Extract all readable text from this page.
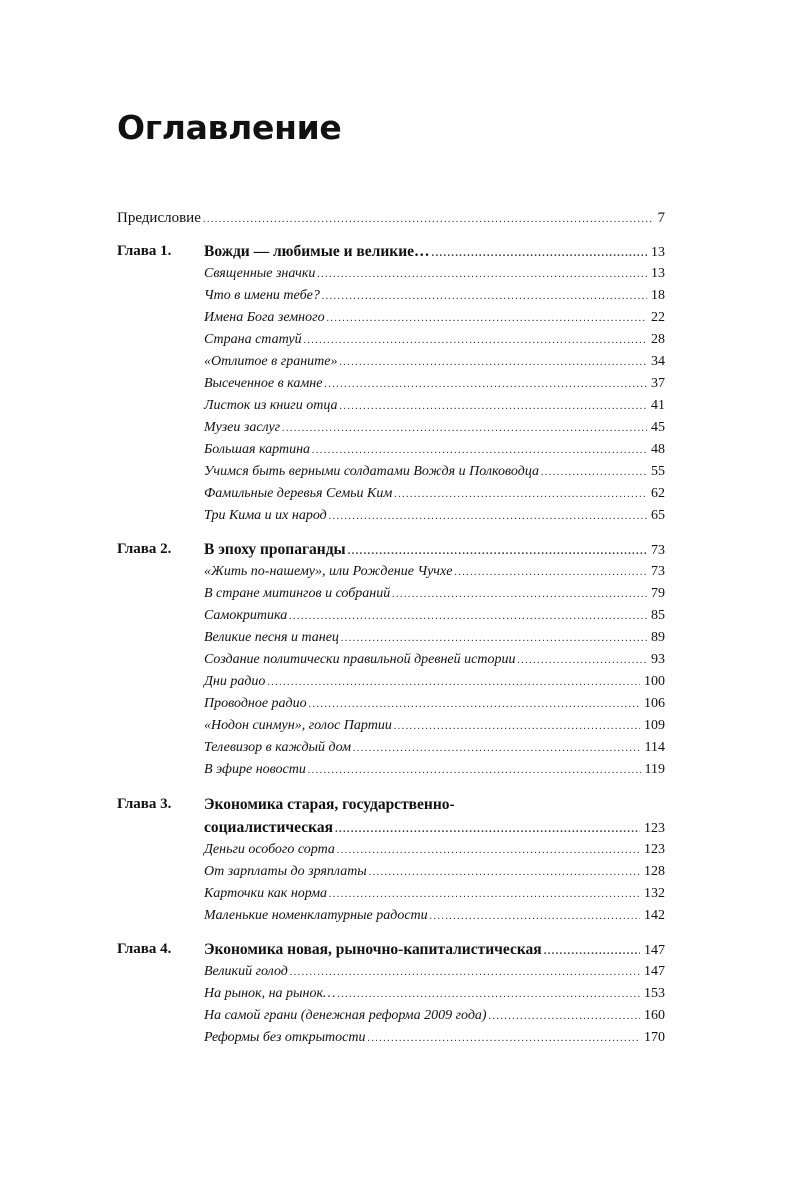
Оглавление
Предисловие .....	7
Глава 1.	Вожди — любимые и великие… .....	13
Священные значки .....	13
Что в имени тебе? .....	18
Имена Бога земного .....	22
Страна статуй .....	28
«Отлитое в граните» .....	34
Высеченное в камне .....	37
Листок из книги отца .....	41
Музеи заслуг .....	45
Большая картина .....	48
Учимся быть верными солдатами Вождя и Полководца .....	55
Фамильные деревья Семьи Ким .....	62
Три Кима и их народ .....	65
Глава 2.	В эпоху пропаганды .....	73
«Жить по-нашему», или Рождение Чучхе .....	73
В стране митингов и собраний .....	79
Самокритика .....	85
Великие песня и танец .....	89
Создание политически правильной древней истории .....	93
Дни радио .....	100
Проводное радио .....	106
«Нодон синмун», голос Партии .....	109
Телевизор в каждый дом .....	114
В эфире новости .....	119
Глава 3.	Экономика старая, государственно-
социалистическая .....	123
Деньги особого сорта .....	123
От зарплаты до зряплаты .....	128
Карточки как норма .....	132
Маленькие номенклатурные радости .....	142
Глава 4.	Экономика новая, рыночно-капиталистическая .....	147
Великий голод .....	147
На рынок, на рынок… .....	153
На самой грани (денежная реформа 2009 года) .....	160
Реформы без открытости .....	170
